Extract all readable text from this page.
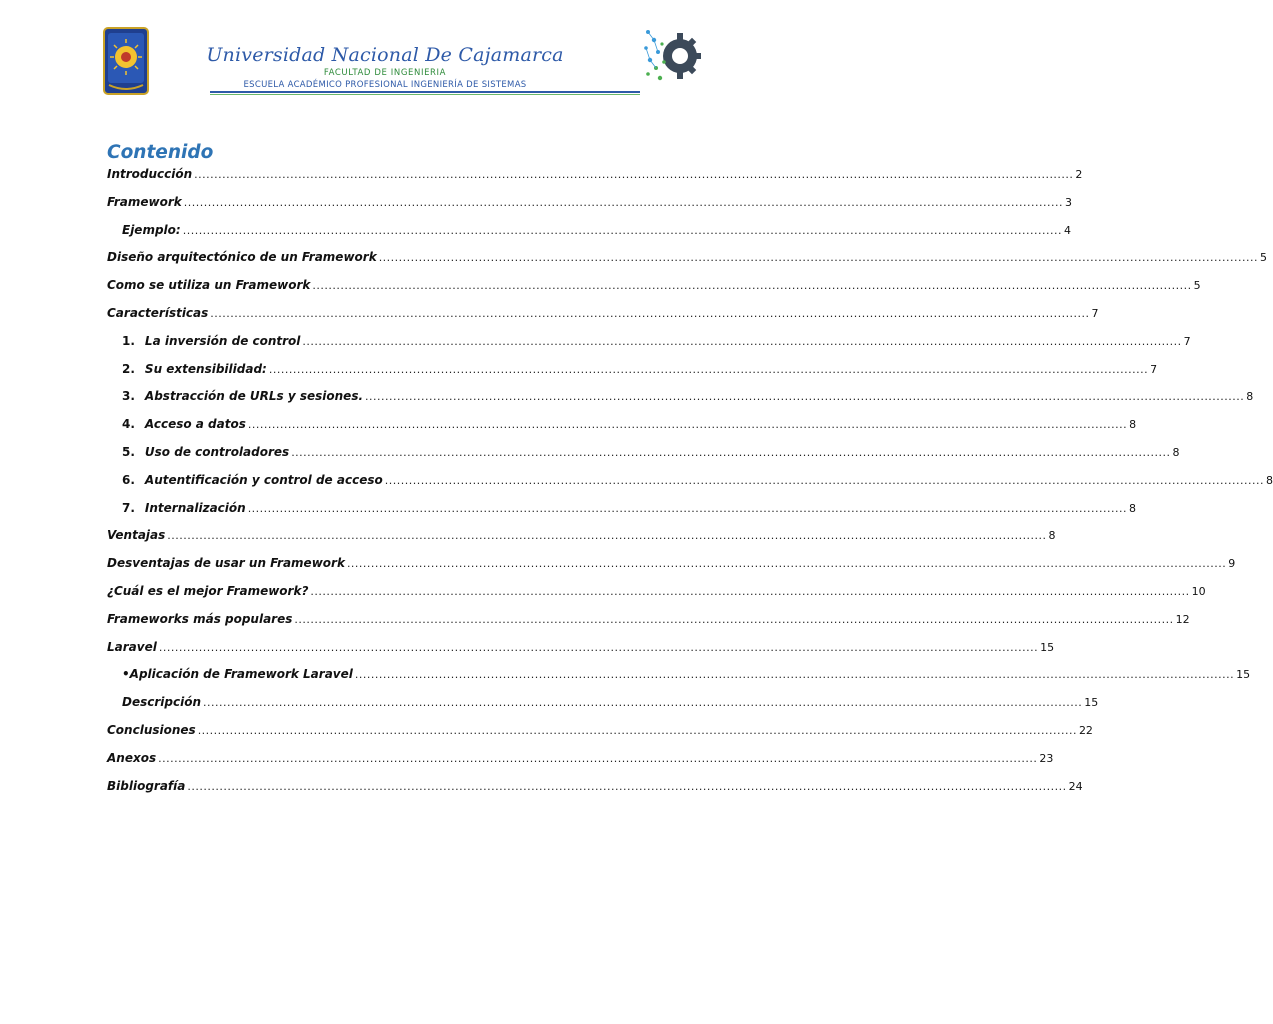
Universidad Nacional De Cajamarca
FACULTAD DE INGENIERIA
ESCUELA ACADÉMICO PROFESIONAL INGENIERÍA DE SISTEMAS
Contenido
Introducción ............................................................................................................................................................................................................................ 2
Framework ............................................................................................................................................................................................................................ 3
Ejemplo: ............................................................................................................................................................................................................................ 4
Diseño arquitectónico de un Framework ............................................................................................................................................................................................................................ 5
Como se utiliza un Framework ............................................................................................................................................................................................................................ 5
Características ............................................................................................................................................................................................................................ 7
1. La inversión de control ............................................................................................................................................................................................................................ 7
2. Su extensibilidad: ............................................................................................................................................................................................................................ 7
3. Abstracción de URLs y sesiones. ............................................................................................................................................................................................................................ 8
4. Acceso a datos ............................................................................................................................................................................................................................ 8
5. Uso de controladores ............................................................................................................................................................................................................................ 8
6. Autentificación y control de acceso ............................................................................................................................................................................................................................ 8
7. Internalización ............................................................................................................................................................................................................................ 8
Ventajas ............................................................................................................................................................................................................................ 8
Desventajas de usar un Framework ............................................................................................................................................................................................................................ 9
¿Cuál es el mejor Framework? ............................................................................................................................................................................................................................ 10
Frameworks más populares ............................................................................................................................................................................................................................ 12
Laravel ............................................................................................................................................................................................................................ 15
• Aplicación de Framework Laravel ............................................................................................................................................................................................................................ 15
Descripción ............................................................................................................................................................................................................................ 15
Conclusiones ............................................................................................................................................................................................................................ 22
Anexos ............................................................................................................................................................................................................................ 23
Bibliografía ............................................................................................................................................................................................................................ 24
